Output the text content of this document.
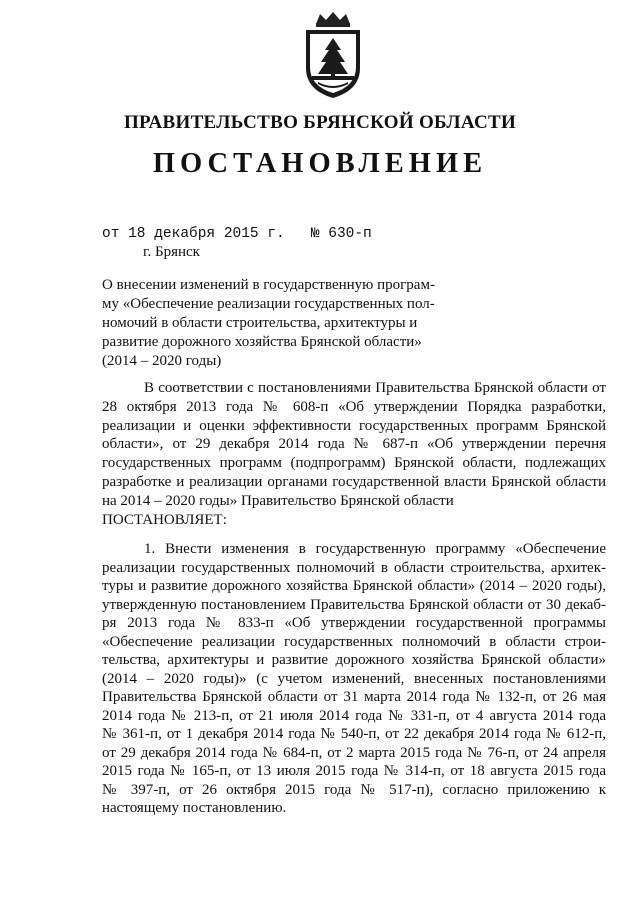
ПРАВИТЕЛЬСТВО БРЯНСКОЙ ОБЛАСТИ
ПОСТАНОВЛЕНИЕ
от 18 декабря 2015 г.   № 630-п
г. Брянск
О внесении изменений в государственную програм-
му «Обеспечение реализации государственных пол-
номочий в области строительства, архитектуры и
развитие дорожного хозяйства Брянской области»
(2014 – 2020 годы)
В соответствии с постановлениями Правительства Брянской области от
28 октября 2013 года № 608-п «Об утверждении Порядка разработки,
реализации и оценки эффективности государственных программ Брянской
области», от 29 декабря 2014 года № 687-п «Об утверждении перечня
государственных программ (подпрограмм) Брянской области, подлежащих
разработке и реализации органами государственной власти Брянской области
на 2014 – 2020 годы» Правительство Брянской области
ПОСТАНОВЛЯЕТ:
1. Внести изменения в государственную программу «Обеспечение
реализации государственных полномочий в области строительства, архитек-
туры и развитие дорожного хозяйства Брянской области» (2014 – 2020 годы),
утвержденную постановлением Правительства Брянской области от 30 декаб-
ря 2013 года № 833-п «Об утверждении государственной программы
«Обеспечение реализации государственных полномочий в области строи-
тельства, архитектуры и развитие дорожного хозяйства Брянской области»
(2014 – 2020 годы)» (с учетом изменений, внесенных постановлениями
Правительства Брянской области от 31 марта 2014 года № 132-п, от 26 мая
2014 года № 213-п, от 21 июля 2014 года № 331-п, от 4 августа 2014 года
№ 361-п, от 1 декабря 2014 года № 540-п, от 22 декабря 2014 года № 612-п,
от 29 декабря 2014 года № 684-п, от 2 марта 2015 года № 76-п, от 24 апреля
2015 года № 165-п, от 13 июля 2015 года № 314-п, от 18 августа 2015 года
№ 397-п, от 26 октября 2015 года № 517-п), согласно приложению к
настоящему постановлению.
